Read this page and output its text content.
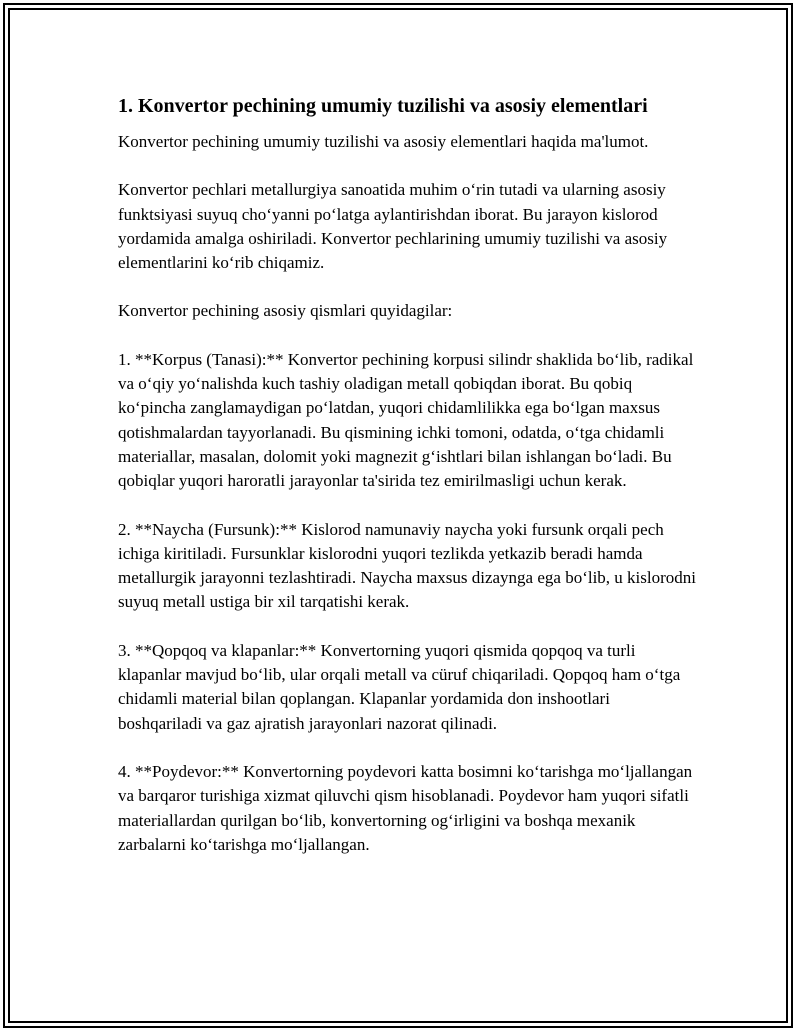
1. Konvertor pechining umumiy tuzilishi va asosiy elementlari

Konvertor pechining umumiy tuzilishi va asosiy elementlari haqida ma'lumot.

Konvertor pechlari metallurgiya sanoatida muhim o‘rin tutadi va ularning asosiy funktsiyasi suyuq cho‘yanni po‘latga aylantirishdan iborat. Bu jarayon kislorod yordamida amalga oshiriladi. Konvertor pechlarining umumiy tuzilishi va asosiy elementlarini ko‘rib chiqamiz.

Konvertor pechining asosiy qismlari quyidagilar:

1. **Korpus (Tanasi):** Konvertor pechining korpusi silindr shaklida bo‘lib, radikal va o‘qiy yo‘nalishda kuch tashiy oladigan metall qobiqdan iborat. Bu qobiq ko‘pincha zanglamaydigan po‘latdan, yuqori chidamlilikka ega bo‘lgan maxsus qotishmalardan tayyorlanadi. Bu qismining ichki tomoni, odatda, o‘tga chidamli materiallar, masalan, dolomit yoki magnezit g‘ishtlari bilan ishlangan bo‘ladi. Bu qobiqlar yuqori haroratli jarayonlar ta'sirida tez emirilmasligi uchun kerak.

2. **Naycha (Fursunk):** Kislorod namunaviy naycha yoki fursunk orqali pech ichiga kiritiladi. Fursunklar kislorodni yuqori tezlikda yetkazib beradi hamda metallurgik jarayonni tezlashtiradi. Naycha maxsus dizaynga ega bo‘lib, u kislorodni suyuq metall ustiga bir xil tarqatishi kerak.

3. **Qopqoq va klapanlar:** Konvertorning yuqori qismida qopqoq va turli klapanlar mavjud bo‘lib, ular orqali metall va cüruf chiqariladi. Qopqoq ham o‘tga chidamli material bilan qoplangan. Klapanlar yordamida don inshootlari boshqariladi va gaz ajratish jarayonlari nazorat qilinadi.

4. **Poydevor:** Konvertorning poydevori katta bosimni ko‘tarishga mo‘ljallangan va barqaror turishiga xizmat qiluvchi qism hisoblanadi. Poydevor ham yuqori sifatli materiallardan qurilgan bo‘lib, konvertorning og‘irligini va boshqa mexanik zarbalarni ko‘tarishga mo‘ljallangan.
